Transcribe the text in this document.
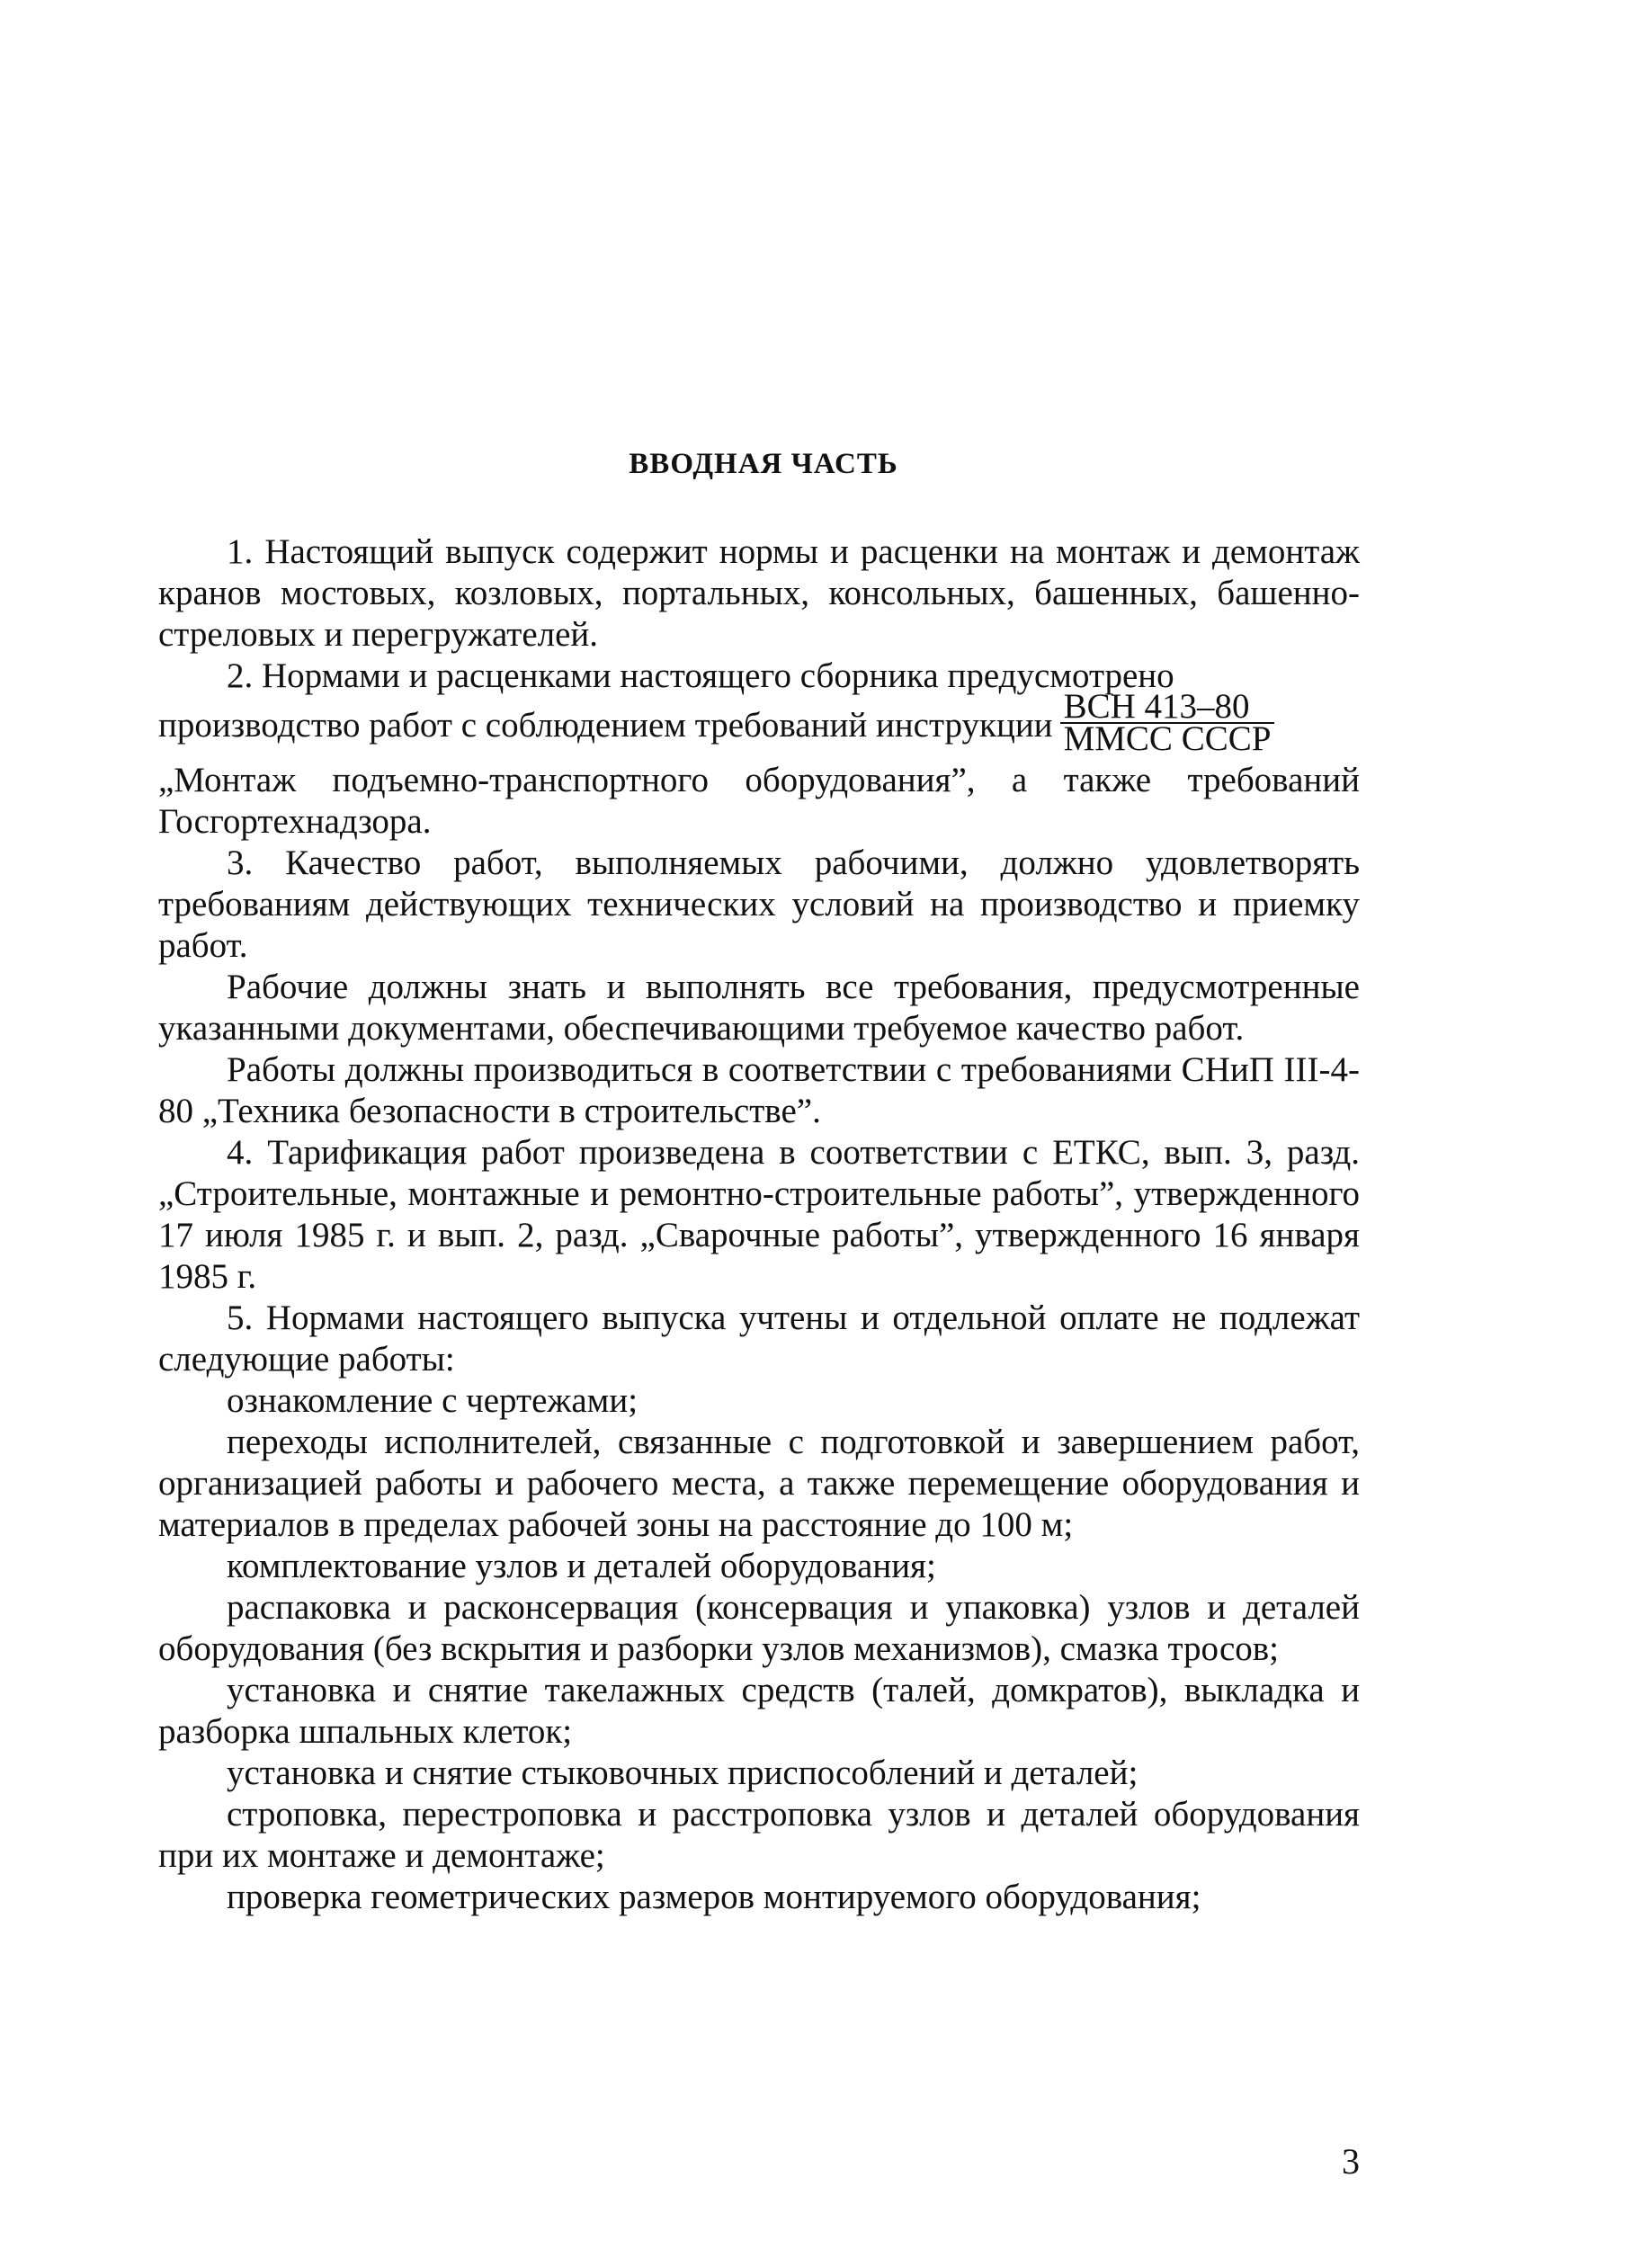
ВВОДНАЯ ЧАСТЬ

1. Настоящий выпуск содержит нормы и расценки на монтаж и демонтаж кранов мостовых, козловых, портальных, консольных, башенных, башенно-стреловых и перегружателей.

2. Нормами и расценками настоящего сборника предусмотрено

производство работ с соблюдением требований инструкции $\frac{\text{ВСН 413–80}}{\text{ММСС СССР}}$

„Монтаж подъемно-транспортного оборудования”, а также требований Госгортехнадзора.

3. Качество работ, выполняемых рабочими, должно удовлетворять требованиям действующих технических условий на производство и приемку работ.

Рабочие должны знать и выполнять все требования, предусмотренные указанными документами, обеспечивающими требуемое качество работ.

Работы должны производиться в соответствии с требованиями СНиП III-4-80 „Техника безопасности в строительстве”.

4. Тарификация работ произведена в соответствии с ЕТКС, вып. 3, разд. „Строительные, монтажные и ремонтно-строительные работы”, утвержденного 17 июля 1985 г. и вып. 2, разд. „Сварочные работы”, утвержденного 16 января 1985 г.

5. Нормами настоящего выпуска учтены и отдельной оплате не подлежат следующие работы:

ознакомление с чертежами;

переходы исполнителей, связанные с подготовкой и завершением работ, организацией работы и рабочего места, а также перемещение оборудования и материалов в пределах рабочей зоны на расстояние до 100 м;

комплектование узлов и деталей оборудования;

распаковка и расконсервация (консервация и упаковка) узлов и деталей оборудования (без вскрытия и разборки узлов механизмов), смазка тросов;

установка и снятие такелажных средств (талей, домкратов), выкладка и разборка шпальных клеток;

установка и снятие стыковочных приспособлений и деталей;

строповка, перестроповка и расстроповка узлов и деталей оборудования при их монтаже и демонтаже;

проверка геометрических размеров монтируемого оборудования;

3
